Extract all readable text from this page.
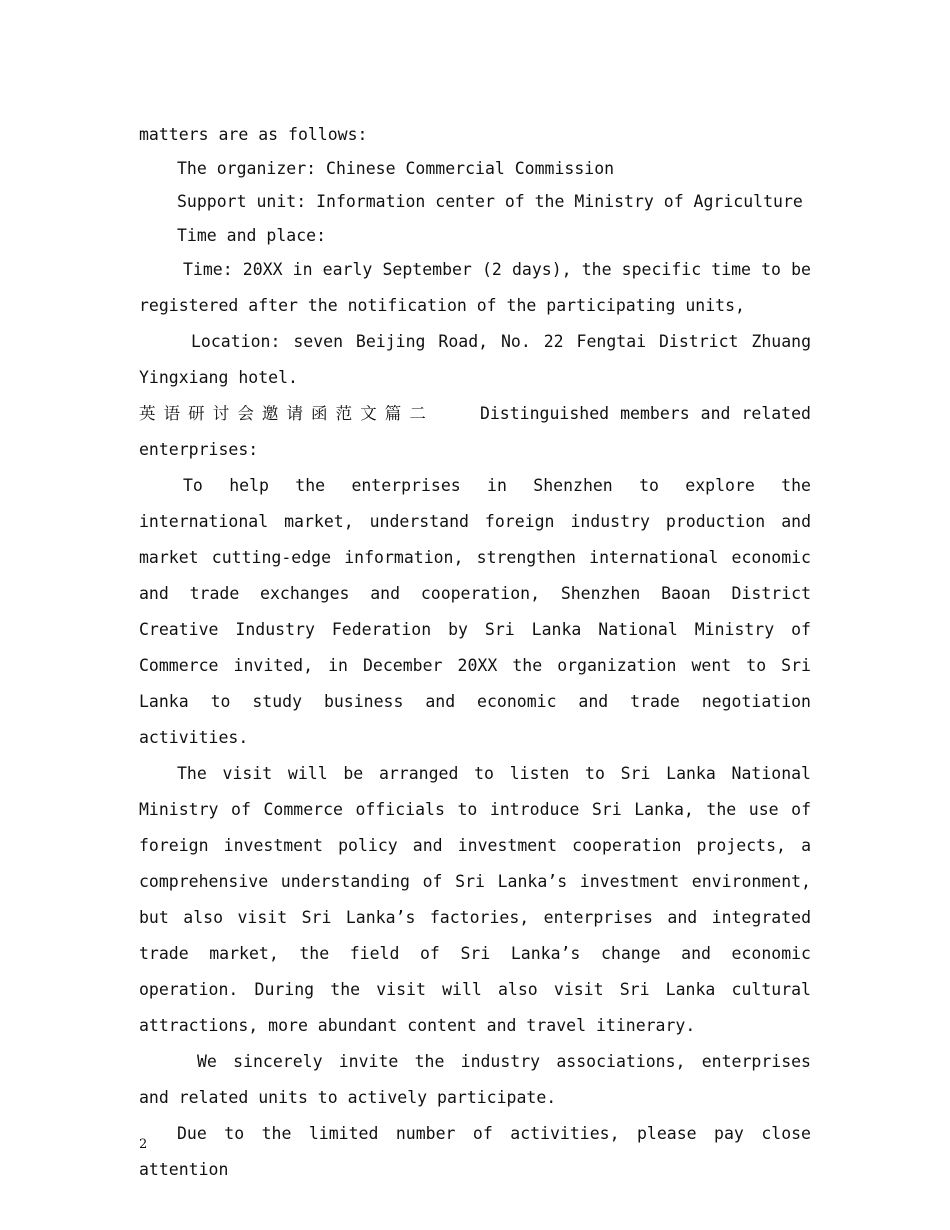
matters are as follows:

The organizer: Chinese Commercial Commission

Support unit: Information center of the Ministry of Agriculture

Time and place:

Time: 20XX in early September (2 days), the specific time to be registered after the notification of the participating units,

Location: seven Beijing Road, No. 22 Fengtai District Zhuang Yingxiang hotel.

英语研讨会邀请函范文篇二	Distinguished members and related enterprises:

To help the enterprises in Shenzhen to explore the international market, understand foreign industry production and market cutting-edge information, strengthen international economic and trade exchanges and cooperation, Shenzhen Baoan District Creative Industry Federation by Sri Lanka National Ministry of Commerce invited, in December 20XX the organization went to Sri Lanka to study business and economic and trade negotiation activities.

The visit will be arranged to listen to Sri Lanka National Ministry of Commerce officials to introduce Sri Lanka, the use of foreign investment policy and investment cooperation projects, a comprehensive understanding of Sri Lanka’s investment environment, but also visit Sri Lanka’s factories, enterprises and integrated trade market, the field of Sri Lanka’s change and economic operation. During the visit will also visit Sri Lanka cultural attractions, more abundant content and travel itinerary.

We sincerely invite the industry associations, enterprises and related units to actively participate.

Due to the limited number of activities, please pay close attention

2
